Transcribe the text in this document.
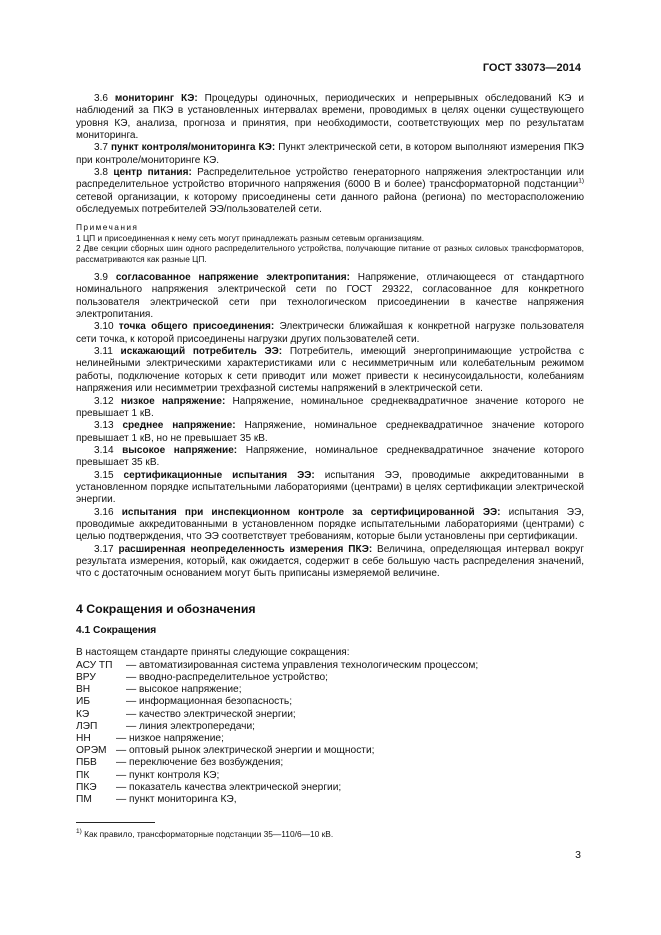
ГОСТ 33073—2014

3.6 мониторинг КЭ: Процедуры одиночных, периодических и непрерывных обследований КЭ и наблюдений за ПКЭ в установленных интервалах времени, проводимых в целях оценки существующего уровня КЭ, анализа, прогноза и принятия, при необходимости, соответствующих мер по результатам мониторинга.

3.7 пункт контроля/мониторинга КЭ: Пункт электрической сети, в котором выполняют измерения ПКЭ при контроле/мониторинге КЭ.

3.8 центр питания: Распределительное устройство генераторного напряжения электростанции или распределительное устройство вторичного напряжения (6000 В и более) трансформаторной подстанции$^{1)}$ сетевой организации, к которому присоединены сети данного района (региона) по месторасположению обследуемых потребителей ЭЭ/пользователей сети.

Примечания

1 ЦП и присоединенная к нему сеть могут принадлежать разным сетевым организациям.

2 Две секции сборных шин одного распределительного устройства, получающие питание от разных силовых трансформаторов, рассматриваются как разные ЦП.

3.9 согласованное напряжение электропитания: Напряжение, отличающееся от стандартного номинального напряжения электрической сети по ГОСТ 29322, согласованное для конкретного пользователя электрической сети при технологическом присоединении в качестве напряжения электропитания.

3.10 точка общего присоединения: Электрически ближайшая к конкретной нагрузке пользователя сети точка, к которой присоединены нагрузки других пользователей сети.

3.11 искажающий потребитель ЭЭ: Потребитель, имеющий энергопринимающие устройства с нелинейными электрическими характеристиками или с несимметричным или колебательным режимом работы, подключение которых к сети приводит или может привести к несинусоидальности, колебаниям напряжения или несимметрии трехфазной системы напряжений в электрической сети.

3.12 низкое напряжение: Напряжение, номинальное среднеквадратичное значение которого не превышает 1 кВ.

3.13 среднее напряжение: Напряжение, номинальное среднеквадратичное значение которого превышает 1 кВ, но не превышает 35 кВ.

3.14 высокое напряжение: Напряжение, номинальное среднеквадратичное значение которого превышает 35 кВ.

3.15 сертификационные испытания ЭЭ: испытания ЭЭ, проводимые аккредитованными в установленном порядке испытательными лабораториями (центрами) в целях сертификации электрической энергии.

3.16 испытания при инспекционном контроле за сертифицированной ЭЭ: испытания ЭЭ, проводимые аккредитованными в установленном порядке испытательными лабораториями (центрами) с целью подтверждения, что ЭЭ соответствует требованиям, которые были установлены при сертификации.

3.17 расширенная неопределенность измерения ПКЭ: Величина, определяющая интервал вокруг результата измерения, который, как ожидается, содержит в себе большую часть распределения значений, что с достаточным основанием могут быть приписаны измеряемой величине.

4 Сокращения и обозначения
4.1 Сокращения

В настоящем стандарте приняты следующие сокращения:

АСУ ТП	— автоматизированная система управления технологическим процессом;
ВРУ	— вводно-распределительное устройство;
ВН	— высокое напряжение;
ИБ	— информационная безопасность;
КЭ	— качество электрической энергии;
ЛЭП	— линия электропередачи;
НН	— низкое напряжение;
ОРЭМ — оптовый рынок электрической энергии и мощности;
ПБВ	— переключение без возбуждения;
ПК	— пункт контроля КЭ;
ПКЭ	— показатель качества электрической энергии;
ПМ	— пункт мониторинга КЭ,
$^{1)}$ Как правило, трансформаторные подстанции 35—110/6—10 кВ.
3
